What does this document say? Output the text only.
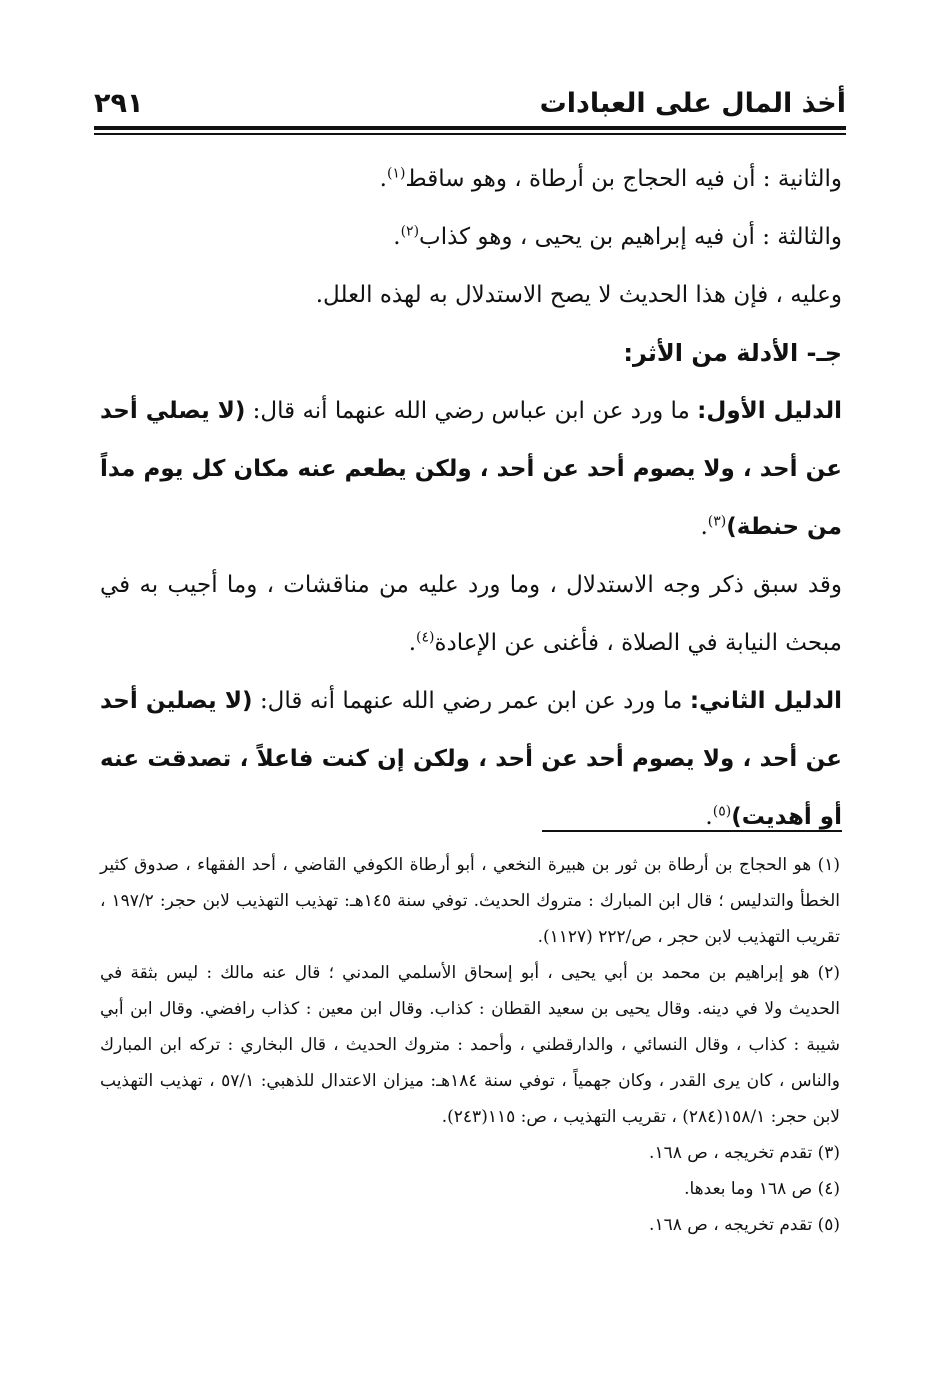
أخذ المال على العبادات
٢٩١

والثانية : أن فيه الحجاج بن أرطاة ، وهو ساقط$^{(١)}$.

والثالثة : أن فيه إبراهيم بن يحيى ، وهو كذاب$^{(٢)}$.

وعليه ، فإن هذا الحديث لا يصح الاستدلال به لهذه العلل.

جـ- الأدلة من الأثر:

الدليل الأول: ما ورد عن ابن عباس رضي الله عنهما أنه قال: (لا يصلي أحد عن أحد ، ولا يصوم أحد عن أحد ، ولكن يطعم عنه مكان كل يوم مداً من حنطة)$^{(٣)}$.

وقد سبق ذكر وجه الاستدلال ، وما ورد عليه من مناقشات ، وما أجيب به في مبحث النيابة في الصلاة ، فأغنى عن الإعادة$^{(٤)}$.

الدليل الثاني: ما ورد عن ابن عمر رضي الله عنهما أنه قال: (لا يصلين أحد عن أحد ، ولا يصوم أحد عن أحد ، ولكن إن كنت فاعلاً ، تصدقت عنه أو أهديت)$^{(٥)}$.

(١) هو الحجاج بن أرطاة بن ثور بن هبيرة النخعي ، أبو أرطاة الكوفي القاضي ، أحد الفقهاء ، صدوق كثير الخطأ والتدليس ؛ قال ابن المبارك : متروك الحديث. توفي سنة ١٤٥هـ: تهذيب التهذيب لابن حجر: ١٩٧/٢ ، تقريب التهذيب لابن حجر ، ص/٢٢٢ (١١٢٧).

(٢) هو إبراهيم بن محمد بن أبي يحيى ، أبو إسحاق الأسلمي المدني ؛ قال عنه مالك : ليس بثقة في الحديث ولا في دينه. وقال يحيى بن سعيد القطان : كذاب. وقال ابن معين : كذاب رافضي. وقال ابن أبي شيبة : كذاب ، وقال النسائي ، والدارقطني ، وأحمد : متروك الحديث ، قال البخاري : تركه ابن المبارك والناس ، كان يرى القدر ، وكان جهمياً ، توفي سنة ١٨٤هـ: ميزان الاعتدال للذهبي: ٥٧/١ ، تهذيب التهذيب لابن حجر: ١٥٨/١(٢٨٤) ، تقريب التهذيب ، ص: ١١٥(٢٤٣).

(٣) تقدم تخريجه ، ص ١٦٨.

(٤) ص ١٦٨ وما بعدها.

(٥) تقدم تخريجه ، ص ١٦٨.
